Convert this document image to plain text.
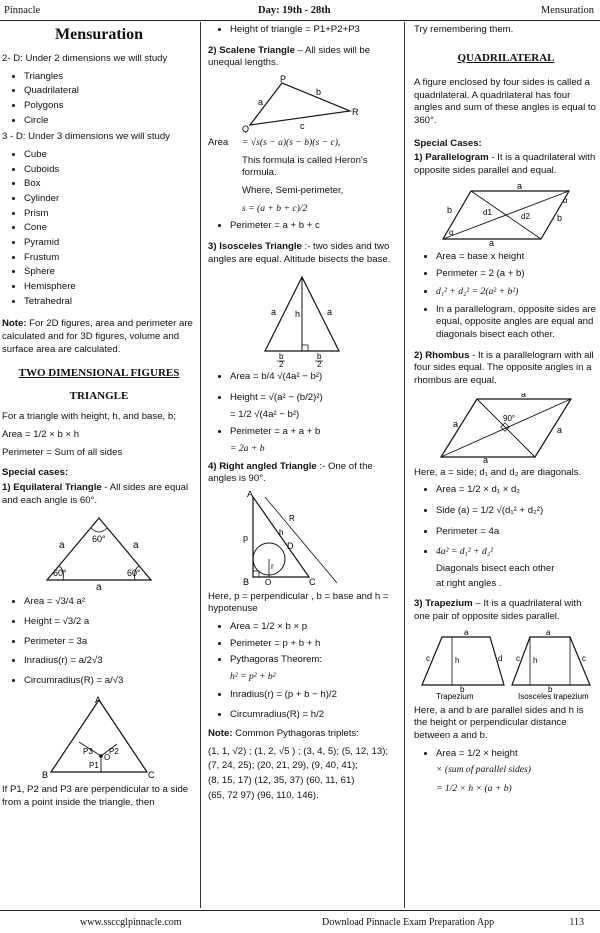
Pinnacle	Day: 19th - 28th	Mensuration
Mensuration

2- D: Under 2 dimensions we will study

• Triangles
• Quadrilateral
• Polygons
• Circle

3 - D: Under 3 dimensions we will study

• Cube
• Cuboids
• Box
• Cylinder
• Prism
• Cone
• Pyramid
• Frustum
• Sphere
• Hemisphere
• Tetrahedral

Note: For 2D figures, area and perimeter are calculated and for 3D figures, volume and surface area are calculated.

TWO DIMENSIONAL FIGURES
TRIANGLE

For a triangle with height, h, and base, b;

Area = 1/2 × b × h

Perimeter = Sum of all sides

Special cases:

1) Equilateral Triangle - All sides are equal and each angle is 60°.

60°
60°	60°
a	a
a
• Area = √3/4 a²
• Height = √3/2 a
• Perimeter = 3a
• Inradius(r) = a/2√3
• Circumradius(R) = a/√3
A
B	C
P3 P2
P1
O

If P1, P2 and P3 are perpendicular to a side from a point inside the triangle, then

• Height of triangle = P1+P2+P3

2) Scalene Triangle – All sides will be unequal lengths.

P
Q
R
a
b
c
Area	= √s(s − a)(s − b)(s − c),

This formula is called Heron's formula.

Where, Semi-perimeter,

s = (a + b + c)/2

• Perimeter = a + b + c

3) Isosceles Triangle :- two sides and two angles are equal. Altitude bisects the base.

h
a	a
b
2
b
2
• Area = b/4 √(4a² − b²)
• Height = √(a² − (b/2)²)

= 1/2 √(4a² − b²)

• Perimeter = a + a + b

= 2a + b

4) Right angled Triangle :- One of the angles is 90°.

A
B	C
p
D
h
R
r
O

Here, p = perpendicular , b = base and h = hypotenuse

• Area = 1/2 × b × p
• Perimeter = p + b + h
• Pythagoras Theorem:

h² = p² + b²

• Inradius(r) = (p + b − h)/2
• Circumradius(R) = h/2

Note: Common Pythagoras triplets:

(1, 1, √2) ; (1, 2, √5 ) ; (3, 4, 5); (5, 12, 13);

(7, 24, 25); (20, 21, 29), (9, 40, 41);

(8, 15, 17) (12, 35, 37) (60, 11, 61)

(65, 72 97) (96, 110, 146).

Try remembering them.

QUADRILATERAL

A figure enclosed by four sides is called a quadrilateral. A quadrilateral has four angles and sum of these angles is equal to 360°.

Special Cases:

1) Parallelogram - It is a quadrilateral with opposite sides parallel and equal.

a
a
b
b
d1	d2
α
α
• Area = base x height
• Perimeter = 2 (a + b)
• d₁² + d₂² = 2(a² + b²)
• In a parallelogram, opposite sides are equal, opposite angles are equal and diagonals bisect each other.

2) Rhombus - It is a parallelogram with all four sides equal. The opposite angles in a rhombus are equal.

a
a
a
a
90°

Here, a = side; d₁ and d₂ are diagonals.

• Area = 1/2 × d₁ × d₂
• Side (a) = 1/2 √(d₁² + d₂²)
• Perimeter = 4a
• 4a² = d₁² + d₂²

Diagonals bisect each other

at right angles .

3) Trapezium – It is a quadrilateral with one pair of opposite sides parallel.

a
b
c	d
h
Trapezium
a
b
c	c
h
Isosceles trapezium

Here, a and b are parallel sides and h is the height or perpendicular distance between a and b.

• Area = 1/2 × height

× (sum of parallel sides)

= 1/2 × h × (a + b)

www.ssccglpinnacle.com	Download Pinnacle Exam Preparation App	113
